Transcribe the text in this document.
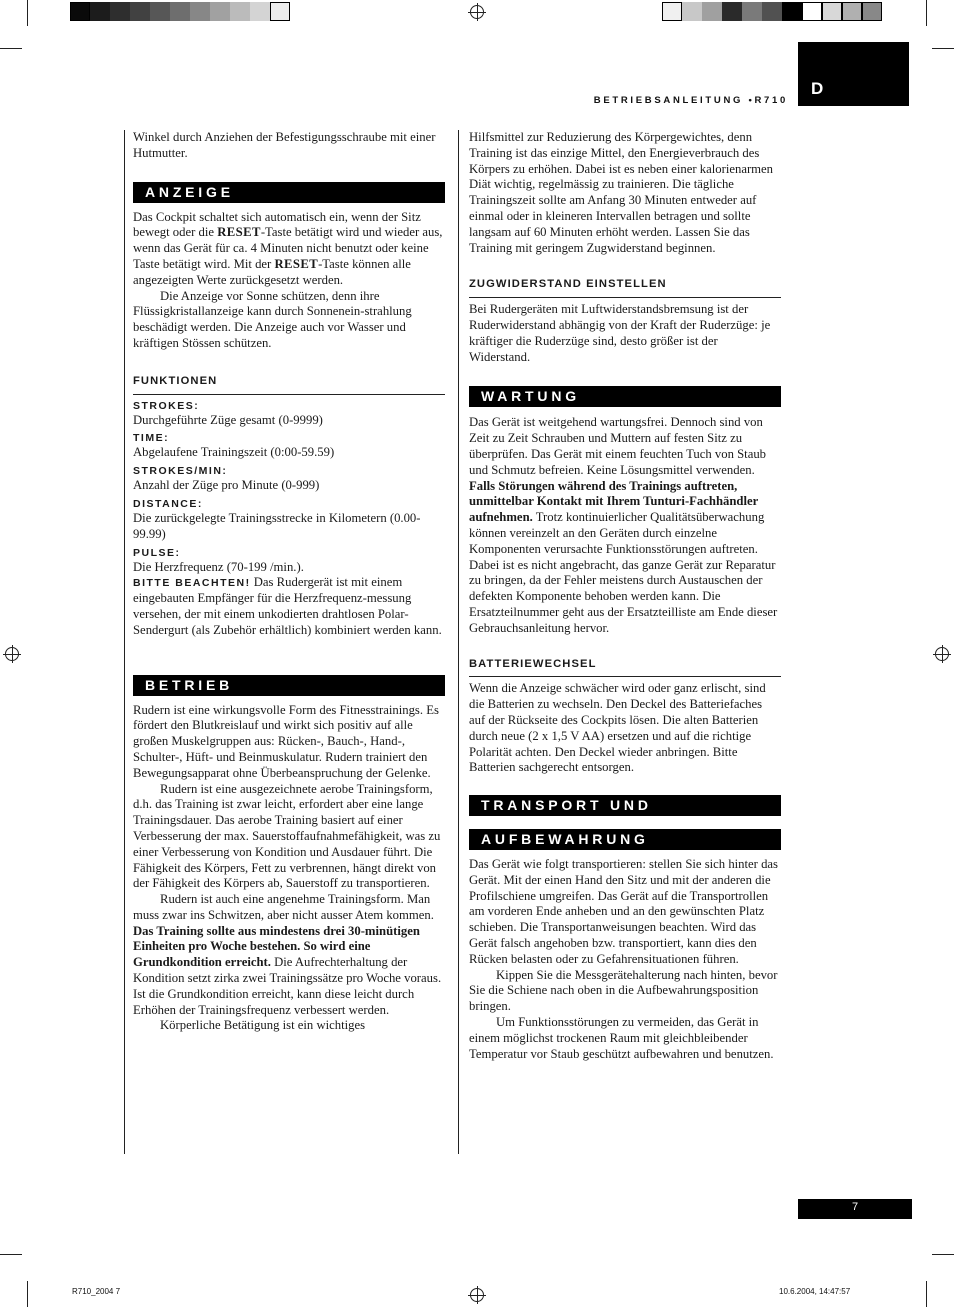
D
BETRIEBSANLEITUNG •R710

Winkel durch Anziehen der Befestigungsschraube mit einer Hutmutter.

ANZEIGE

Das Cockpit schaltet sich automatisch ein, wenn der Sitz bewegt oder die RESET-Taste betätigt wird und wieder aus, wenn das Gerät für ca. 4 Minuten nicht benutzt oder keine Taste betätigt wird. Mit der RESET-Taste können alle angezeigten Werte zurückgesetzt werden.

Die Anzeige vor Sonne schützen, denn ihre Flüssigkristallanzeige kann durch Sonnenein-strahlung beschädigt werden. Die Anzeige auch vor Wasser und kräftigen Stössen schützen.

FUNKTIONEN
STROKES:

Durchgeführte Züge gesamt (0-9999)

TIME:

Abgelaufene Trainingszeit (0:00-59.59)

STROKES/MIN:

Anzahl der Züge pro Minute (0-999)

DISTANCE:

Die zurückgelegte Trainingsstrecke in Kilometern (0.00-99.99)

PULSE:

Die Herzfrequenz (70-199 /min.).

BITTE BEACHTEN! Das Rudergerät ist mit einem eingebauten Empfänger für die Herzfrequenz-messung versehen, der mit einem unkodierten drahtlosen Polar-Sendergurt (als Zubehör erhältlich) kombiniert werden kann.

BETRIEB

Rudern ist eine wirkungsvolle Form des Fitnesstrainings. Es fördert den Blutkreislauf und wirkt sich positiv auf alle großen Muskelgruppen aus: Rücken-, Bauch-, Hand-, Schulter-, Hüft- und Beinmuskulatur. Rudern trainiert den Bewegungsapparat ohne Überbeanspruchung der Gelenke.

Rudern ist eine ausgezeichnete aerobe Trainingsform, d.h. das Training ist zwar leicht, erfordert aber eine lange Trainingsdauer. Das aerobe Training basiert auf einer Verbesserung der max. Sauerstoffaufnahmefähigkeit, was zu einer Verbesserung von Kondition und Ausdauer führt. Die Fähigkeit des Körpers, Fett zu verbrennen, hängt direkt von der Fähigkeit des Körpers ab, Sauerstoff zu transportieren.

Rudern ist auch eine angenehme Trainingsform. Man muss zwar ins Schwitzen, aber nicht ausser Atem kommen. Das Training sollte aus mindestens drei 30-minütigen Einheiten pro Woche bestehen. So wird eine Grundkondition erreicht. Die Aufrechterhaltung der Kondition setzt zirka zwei Trainingssätze pro Woche voraus. Ist die Grundkondition erreicht, kann diese leicht durch Erhöhen der Trainingsfrequenz verbessert werden.

Körperliche Betätigung ist ein wichtiges

Hilfsmittel zur Reduzierung des Körpergewichtes, denn Training ist das einzige Mittel, den Energieverbrauch des Körpers zu erhöhen. Dabei ist es neben einer kalorienarmen Diät wichtig, regelmässig zu trainieren. Die tägliche Trainingszeit sollte am Anfang 30 Minuten entweder auf einmal oder in kleineren Intervallen betragen und sollte langsam auf 60 Minuten erhöht werden. Lassen Sie das Training mit geringem Zugwiderstand beginnen.

ZUGWIDERSTAND EINSTELLEN

Bei Rudergeräten mit Luftwiderstandsbremsung ist der Ruderwiderstand abhängig von der Kraft der Ruderzüge: je kräftiger die Ruderzüge sind, desto größer ist der Widerstand.

WARTUNG

Das Gerät ist weitgehend wartungsfrei. Dennoch sind von Zeit zu Zeit Schrauben und Muttern auf festen Sitz zu überprüfen. Das Gerät mit einem feuchten Tuch von Staub und Schmutz befreien. Keine Lösungsmittel verwenden. Falls Störungen während des Trainings auftreten, unmittelbar Kontakt mit Ihrem Tunturi-Fachhändler aufnehmen. Trotz kontinuierlicher Qualitätsüberwachung können vereinzelt an den Geräten durch einzelne Komponenten verursachte Funktionsstörungen auftreten. Dabei ist es nicht angebracht, das ganze Gerät zur Reparatur zu bringen, da der Fehler meistens durch Austauschen der defekten Komponente behoben werden kann. Die Ersatzteilnummer geht aus der Ersatzteilliste am Ende dieser Gebrauchsanleitung hervor.

BATTERIEWECHSEL

Wenn die Anzeige schwächer wird oder ganz erlischt, sind die Batterien zu wechseln. Den Deckel des Batteriefaches auf der Rückseite des Cockpits lösen. Die alten Batterien durch neue (2 x 1,5 V AA) ersetzen und auf die richtige Polarität achten. Den Deckel wieder anbringen. Bitte Batterien sachgerecht entsorgen.

TRANSPORT UND
AUFBEWAHRUNG

Das Gerät wie folgt transportieren: stellen Sie sich hinter das Gerät. Mit der einen Hand den Sitz und mit der anderen die Profilschiene umgreifen. Das Gerät auf die Transportrollen am vorderen Ende anheben und an den gewünschten Platz schieben. Die Transportanweisungen beachten. Wird das Gerät falsch angehoben bzw. transportiert, kann dies den Rücken belasten oder zu Gefahrensituationen führen.

Kippen Sie die Messgerätehalterung nach hinten, bevor Sie die Schiene nach oben in die Aufbewahrungsposition bringen.

Um Funktionsstörungen zu vermeiden, das Gerät in einem möglichst trockenen Raum mit gleichbleibender Temperatur vor Staub geschützt aufbewahren und benutzen.

7
R710_2004 7	10.6.2004, 14:47:57
